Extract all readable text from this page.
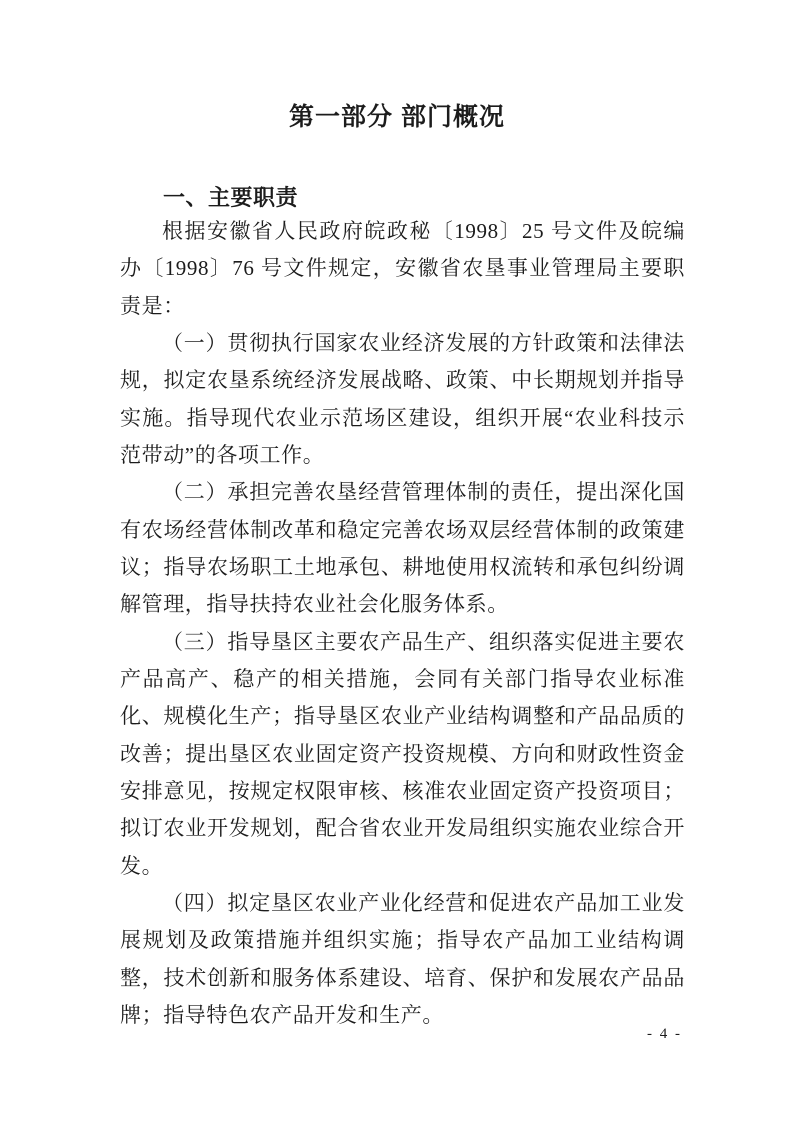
第一部分 部门概况
一、主要职责

根据安徽省人民政府皖政秘〔1998〕25 号文件及皖编办〔1998〕76 号文件规定，安徽省农垦事业管理局主要职责是：

（一）贯彻执行国家农业经济发展的方针政策和法律法规，拟定农垦系统经济发展战略、政策、中长期规划并指导实施。指导现代农业示范场区建设，组织开展“农业科技示范带动”的各项工作。

（二）承担完善农垦经营管理体制的责任，提出深化国有农场经营体制改革和稳定完善农场双层经营体制的政策建议；指导农场职工土地承包、耕地使用权流转和承包纠纷调解管理，指导扶持农业社会化服务体系。

（三）指导垦区主要农产品生产、组织落实促进主要农产品高产、稳产的相关措施，会同有关部门指导农业标准化、规模化生产；指导垦区农业产业结构调整和产品品质的改善；提出垦区农业固定资产投资规模、方向和财政性资金安排意见，按规定权限审核、核准农业固定资产投资项目；拟订农业开发规划，配合省农业开发局组织实施农业综合开发。

（四）拟定垦区农业产业化经营和促进农产品加工业发展规划及政策措施并组织实施；指导农产品加工业结构调整，技术创新和服务体系建设、培育、保护和发展农产品品牌；指导特色农产品开发和生产。

- 4 -
